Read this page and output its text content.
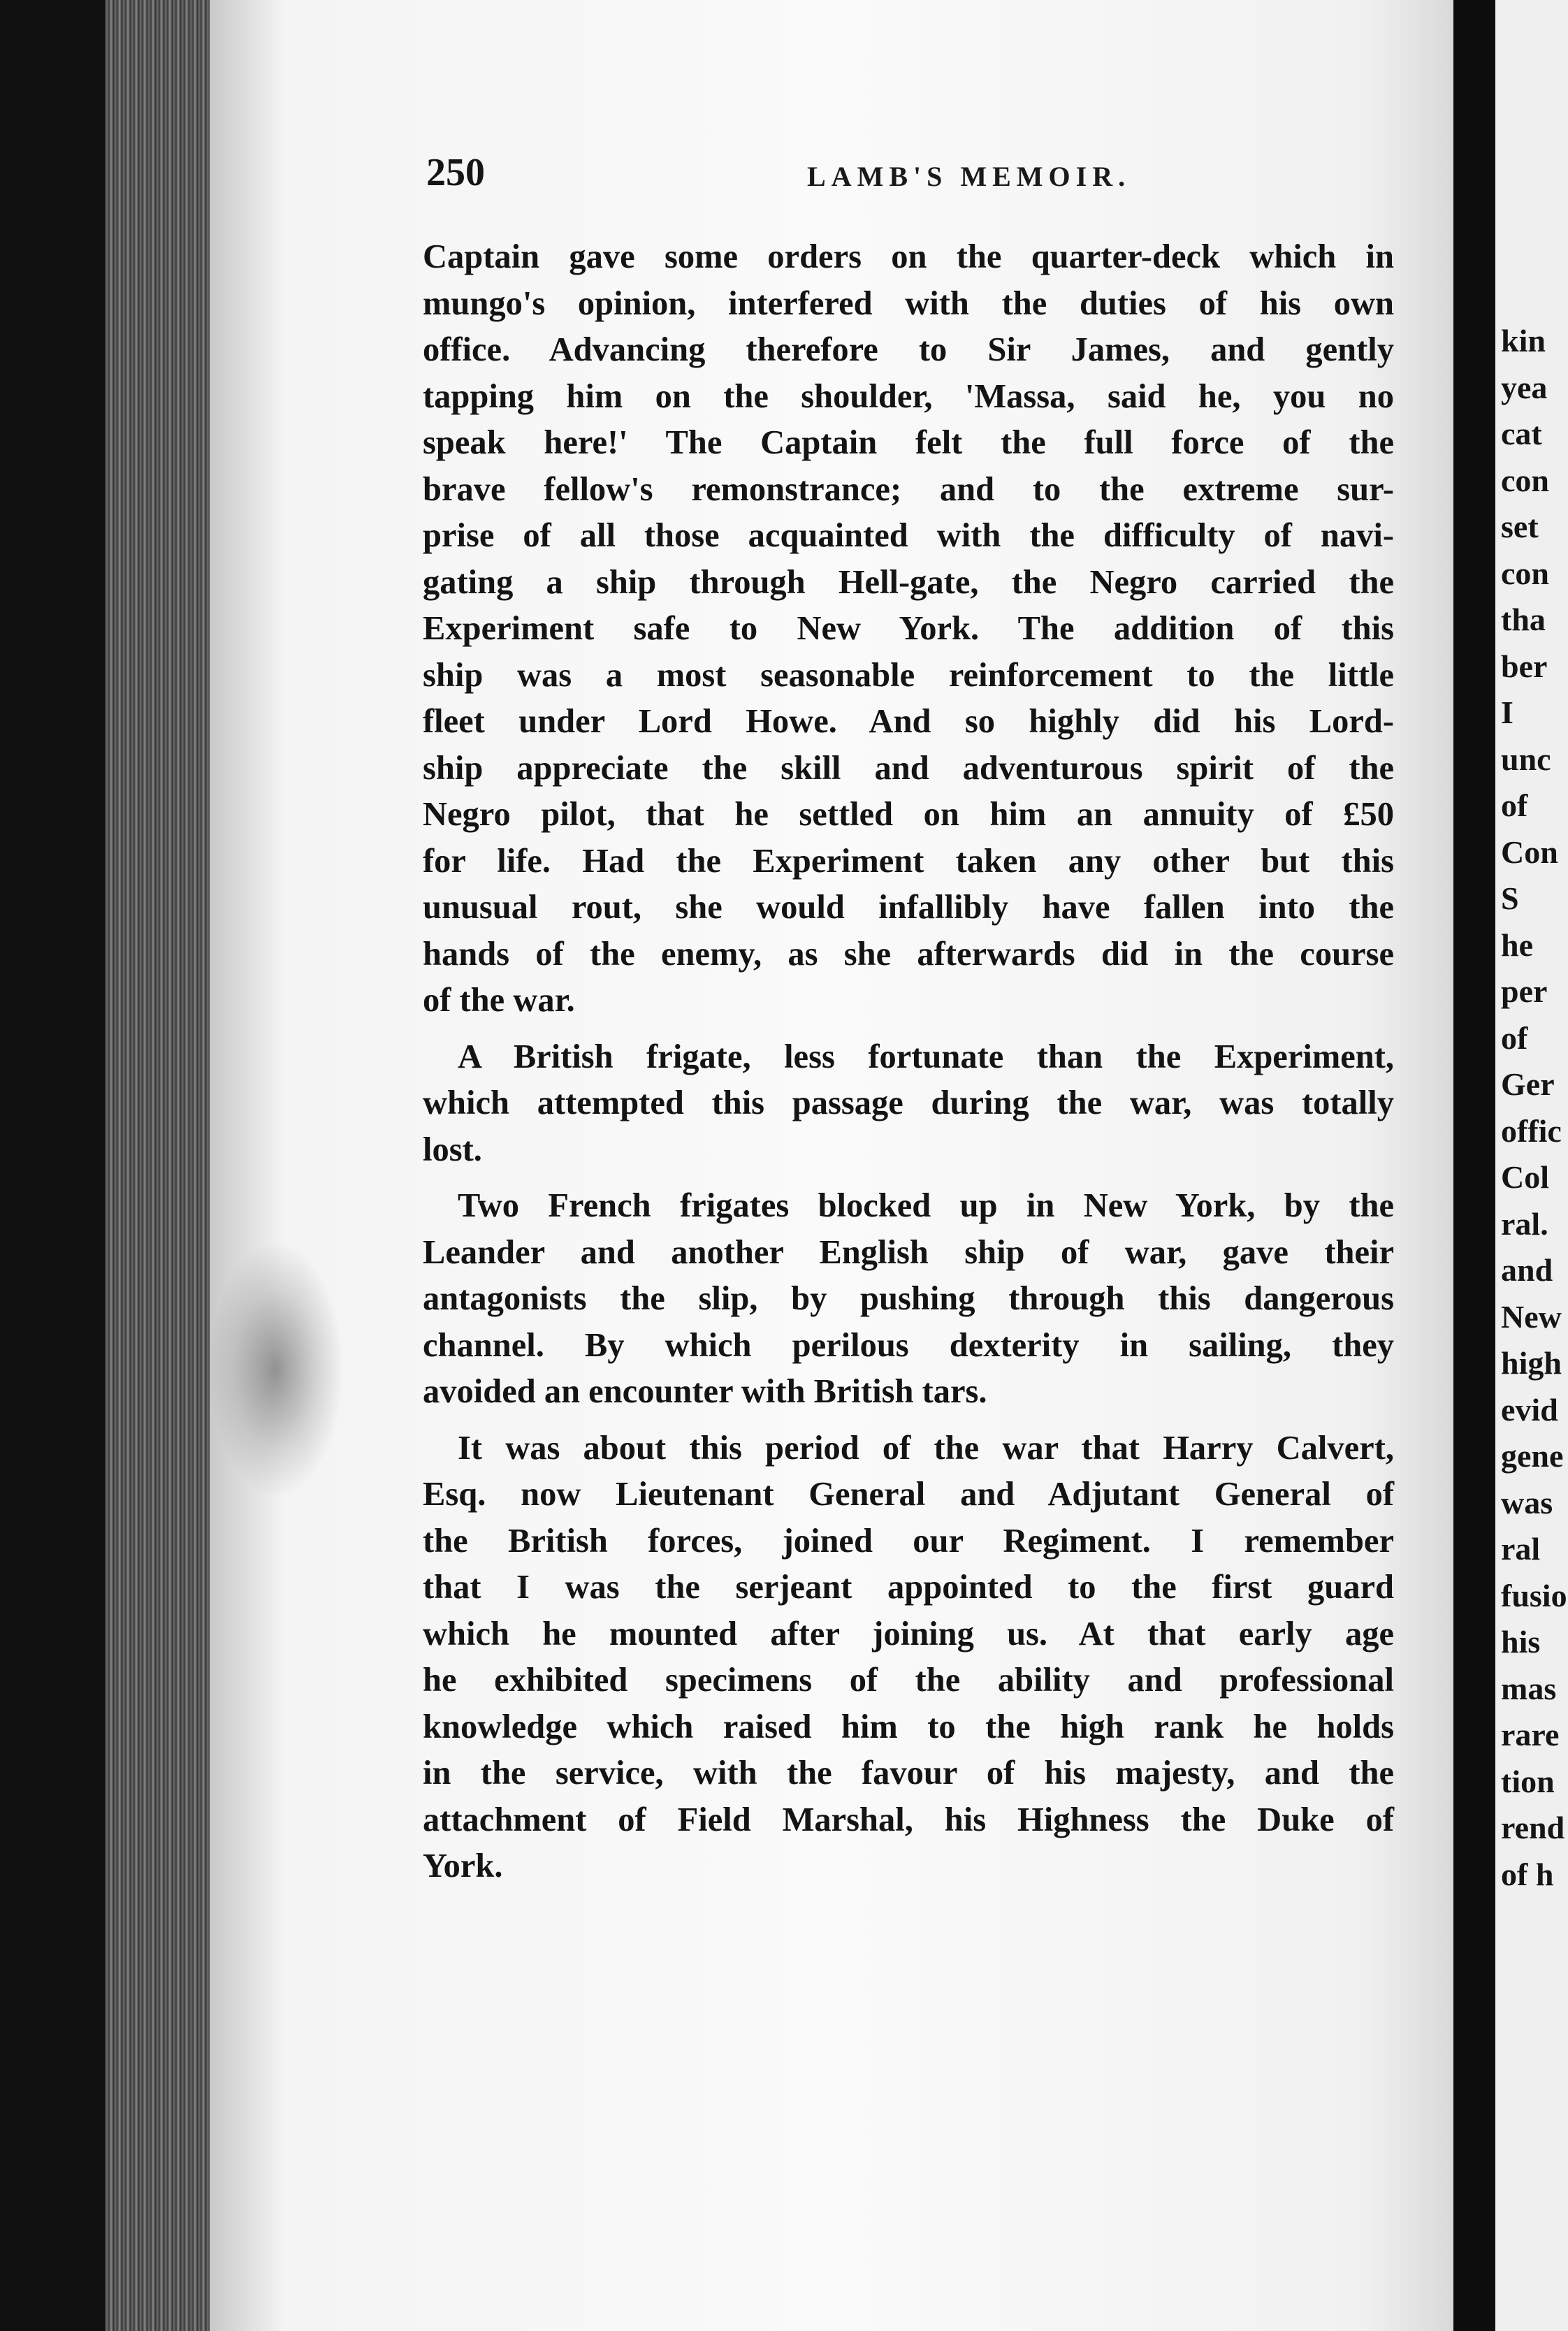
kin
yea
cat
con
set
con
tha
ber
I
unc
of
Con
S
he
per
of
Ger
offic
Col
ral.
and
New
high
evid
gene
was
ral
fusio
his
mas
rare
tion
rend
of h
250	LAMB'S MEMOIR.
Captain gave some orders on the quarter-deck which in
mungo's opinion, interfered with the duties of his own
office. Advancing therefore to Sir James, and gently
tapping him on the shoulder, 'Massa, said he, you no
speak here!' The Captain felt the full force of the
brave fellow's remonstrance; and to the extreme sur-
prise of all those acquainted with the difficulty of navi-
gating a ship through Hell-gate, the Negro carried the
Experiment safe to New York. The addition of this
ship was a most seasonable reinforcement to the little
fleet under Lord Howe. And so highly did his Lord-
ship appreciate the skill and adventurous spirit of the
Negro pilot, that he settled on him an annuity of £50
for life. Had the Experiment taken any other but this
unusual rout, she would infallibly have fallen into the
hands of the enemy, as she afterwards did in the course
of the war.
A British frigate, less fortunate than the Experiment,
which attempted this passage during the war, was totally
lost.
Two French frigates blocked up in New York, by the
Leander and another English ship of war, gave their
antagonists the slip, by pushing through this dangerous
channel. By which perilous dexterity in sailing, they
avoided an encounter with British tars.
It was about this period of the war that Harry Calvert,
Esq. now Lieutenant General and Adjutant General of
the British forces, joined our Regiment. I remember
that I was the serjeant appointed to the first guard
which he mounted after joining us. At that early age
he exhibited specimens of the ability and professional
knowledge which raised him to the high rank he holds
in the service, with the favour of his majesty, and the
attachment of Field Marshal, his Highness the Duke of
York.
